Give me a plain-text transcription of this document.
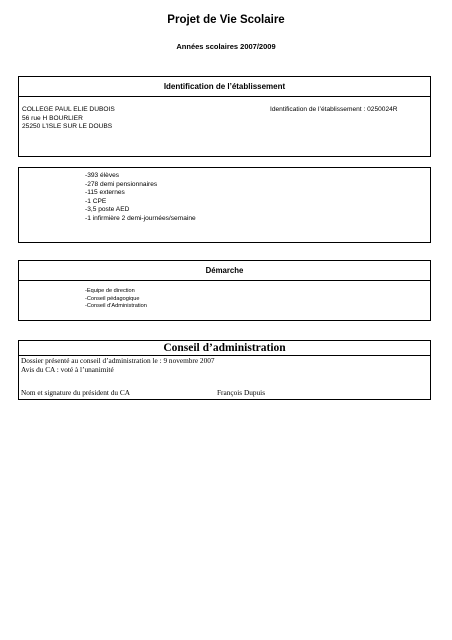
Projet de Vie Scolaire
Années scolaires 2007/2009
Identification de l’établissement
COLLEGE PAUL ELIE DUBOIS
56 rue H BOURLIER
25250 L’ISLE SUR LE DOUBS
Identification de l’établissement : 0250024R
-393 élèves
-278 demi pensionnaires
-115 externes
-1 CPE
-3,5 poste AED
-1 infirmière 2 demi-journées/semaine
Démarche
-Equipe de direction
-Conseil pédagogique
-Conseil d’Administration
Conseil d’administration
Dossier présenté au conseil d’administration le : 9 novembre 2007
Avis du CA : voté à l’unanimité
Nom et signature du président du CA	François Dupuis
